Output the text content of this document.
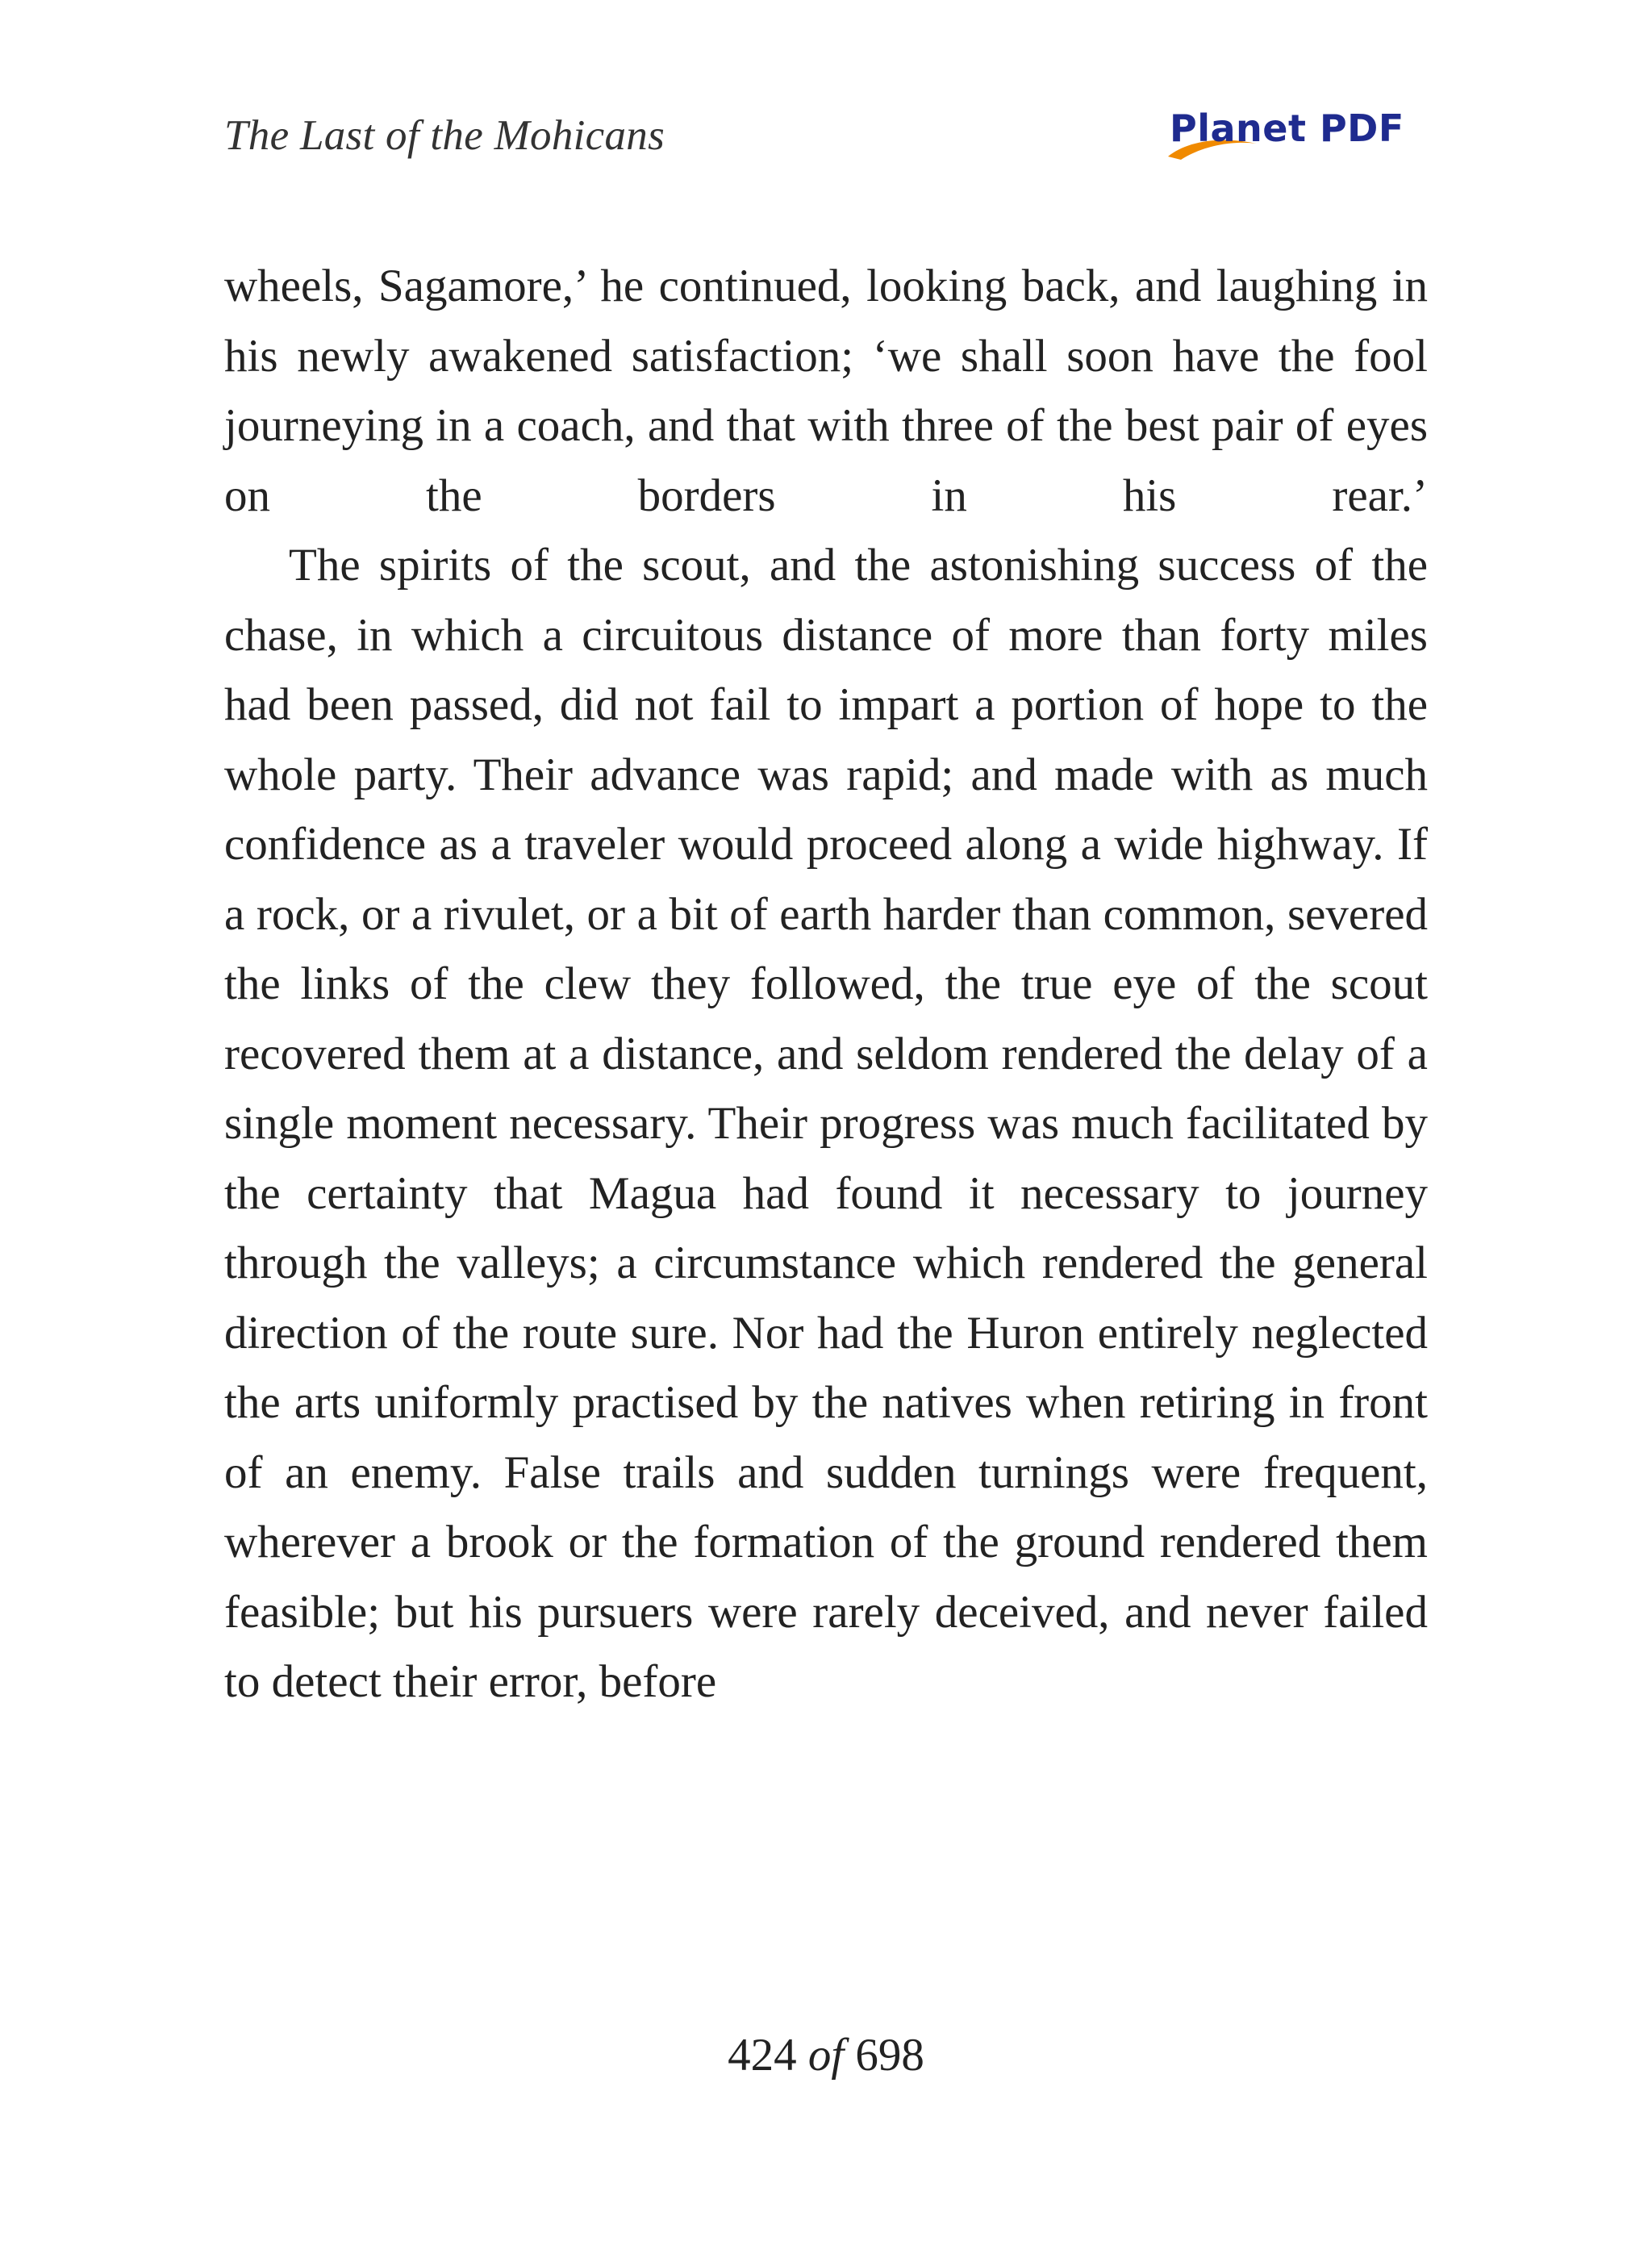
The Last of the Mohicans	Planet PDF

wheels, Sagamore,’ he continued, looking back, and laughing in his newly awakened satisfaction; ‘we shall soon have the fool journeying in a coach, and that with three of the best pair of eyes on the borders in his rear.’

The spirits of the scout, and the astonishing success of the chase, in which a circuitous distance of more than forty miles had been passed, did not fail to impart a portion of hope to the whole party. Their advance was rapid; and made with as much confidence as a traveler would proceed along a wide highway. If a rock, or a rivulet, or a bit of earth harder than common, severed the links of the clew they followed, the true eye of the scout recovered them at a distance, and seldom rendered the delay of a single moment necessary. Their progress was much facilitated by the certainty that Magua had found it necessary to journey through the valleys; a circumstance which rendered the general direction of the route sure. Nor had the Huron entirely neglected the arts uniformly practised by the natives when retiring in front of an enemy. False trails and sudden turnings were frequent, wherever a brook or the formation of the ground rendered them feasible; but his pursuers were rarely deceived, and never failed to detect their error, before

424 of 698
